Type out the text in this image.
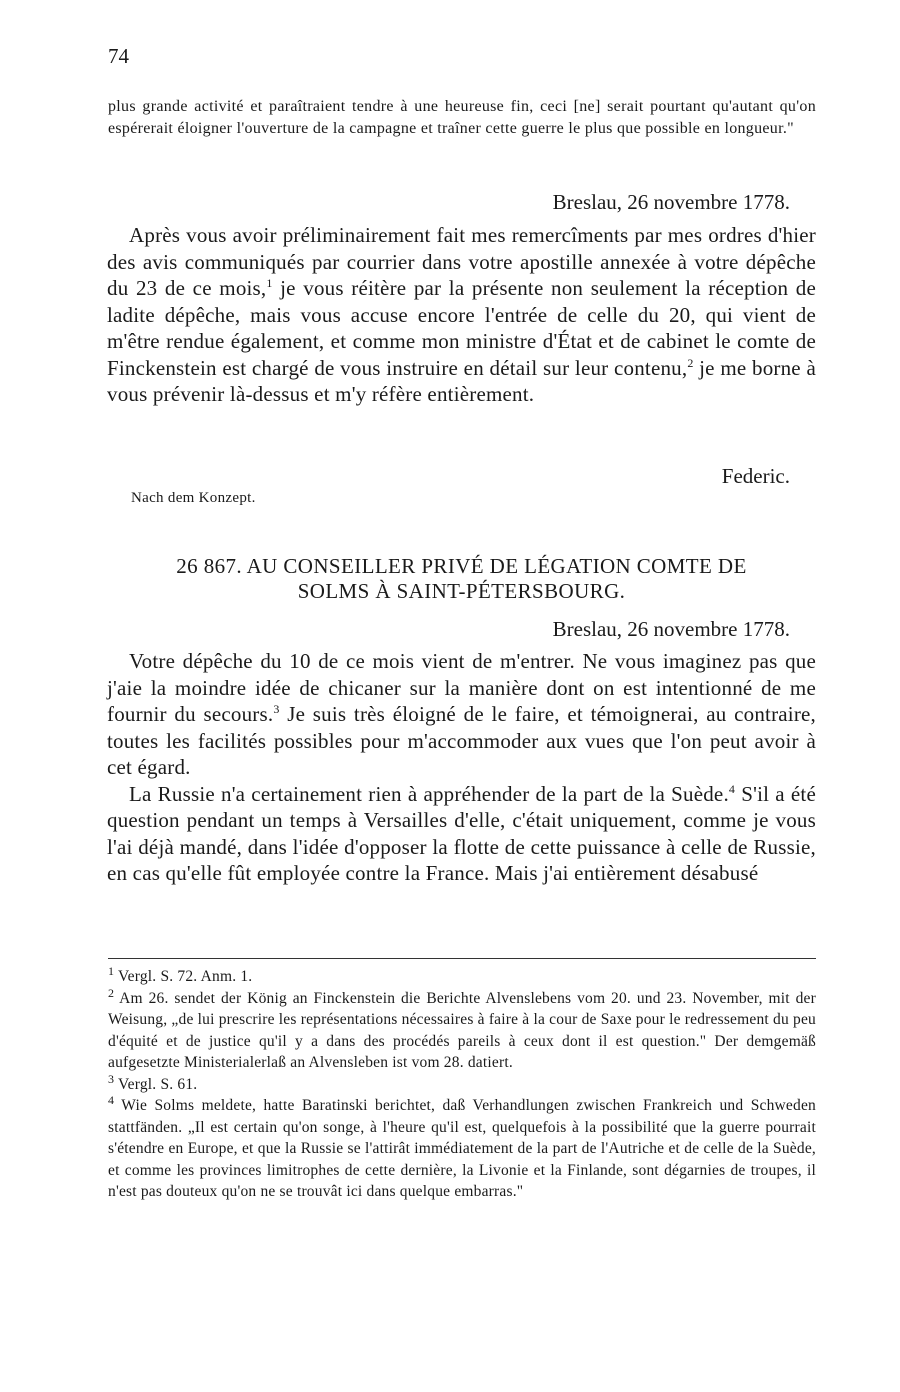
74
plus grande activité et paraîtraient tendre à une heureuse fin, ceci [ne] serait pourtant qu'autant qu'on espérerait éloigner l'ouverture de la campagne et traîner cette guerre le plus que possible en longueur."
Breslau, 26 novembre 1778.

Après vous avoir préliminairement fait mes remercîments par mes ordres d'hier des avis communiqués par courrier dans votre apostille annexée à votre dépêche du 23 de ce mois,$^1$ je vous réitère par la présente non seulement la réception de ladite dépêche, mais vous accuse encore l'entrée de celle du 20, qui vient de m'être rendue également, et comme mon ministre d'État et de cabinet le comte de Finckenstein est chargé de vous instruire en détail sur leur contenu,$^2$ je me borne à vous prévenir là-dessus et m'y réfère entièrement.

Federic.
Nach dem Konzept.
26 867. AU CONSEILLER PRIVÉ DE LÉGATION COMTE DE
SOLMS À SAINT-PÉTERSBOURG.
Breslau, 26 novembre 1778.

Votre dépêche du 10 de ce mois vient de m'entrer. Ne vous imaginez pas que j'aie la moindre idée de chicaner sur la manière dont on est intentionné de me fournir du secours.$^3$ Je suis très éloigné de le faire, et témoignerai, au contraire, toutes les facilités possibles pour m'accommoder aux vues que l'on peut avoir à cet égard.

La Russie n'a certainement rien à appréhender de la part de la Suède.$^4$ S'il a été question pendant un temps à Versailles d'elle, c'était uniquement, comme je vous l'ai déjà mandé, dans l'idée d'opposer la flotte de cette puissance à celle de Russie, en cas qu'elle fût employée contre la France. Mais j'ai entièrement désabusé

$^1$ Vergl. S. 72. Anm. 1.

$^2$ Am 26. sendet der König an Finckenstein die Berichte Alvenslebens vom 20. und 23. November, mit der Weisung, „de lui prescrire les représentations nécessaires à faire à la cour de Saxe pour le redressement du peu d'équité et de justice qu'il y a dans des procédés pareils à ceux dont il est question." Der demgemäß aufgesetzte Ministerialerlaß an Alvensleben ist vom 28. datiert.

$^3$ Vergl. S. 61.

$^4$ Wie Solms meldete, hatte Baratinski berichtet, daß Verhandlungen zwischen Frankreich und Schweden stattfänden. „Il est certain qu'on songe, à l'heure qu'il est, quelquefois à la possibilité que la guerre pourrait s'étendre en Europe, et que la Russie se l'attirât immédiatement de la part de l'Autriche et de celle de la Suède, et comme les provinces limitrophes de cette dernière, la Livonie et la Finlande, sont dégarnies de troupes, il n'est pas douteux qu'on ne se trouvât ici dans quelque embarras."
